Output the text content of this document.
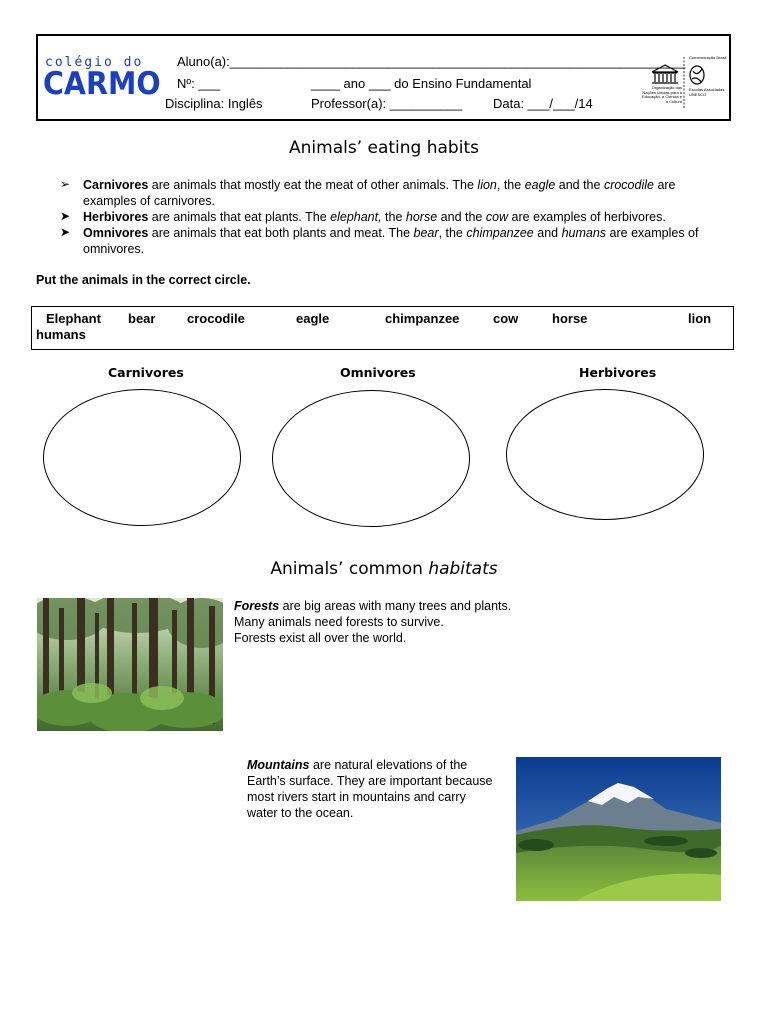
colégio do
CARMO
Aluno(a):_______________________________________________________________
Nº: ___	____ ano ___ do Ensino Fundamental
Disciplina: Inglês	Professor(a): __________ Data: ___/___/14
Organização das Nações Unidas para a Educação, a Ciência e a Cultura
Comemoração Brasil
Escolas Associadas UNESCO
Animals’ eating habits
➢ Carnivores are animals that mostly eat the meat of other animals. The lion, the eagle and the crocodile are examples of carnivores.
➤ Herbivores are animals that eat plants. The elephant, the horse and the cow are examples of herbivores.
➤ Omnivores are animals that eat both plants and meat. The bear, the chimpanzee and humans are examples of omnivores.
Put the animals in the correct circle.
Elephant bear crocodile	eagle	chimpanzee	cow	horse	lion
humans
Carnivores	Omnivores	Herbivores
Animals’ common habitats
Forests are big areas with many trees and plants.
Many animals need forests to survive.
Forests exist all over the world.
Mountains are natural elevations of the
Earth’s surface. They are important because
most rivers start in mountains and carry
water to the ocean.
